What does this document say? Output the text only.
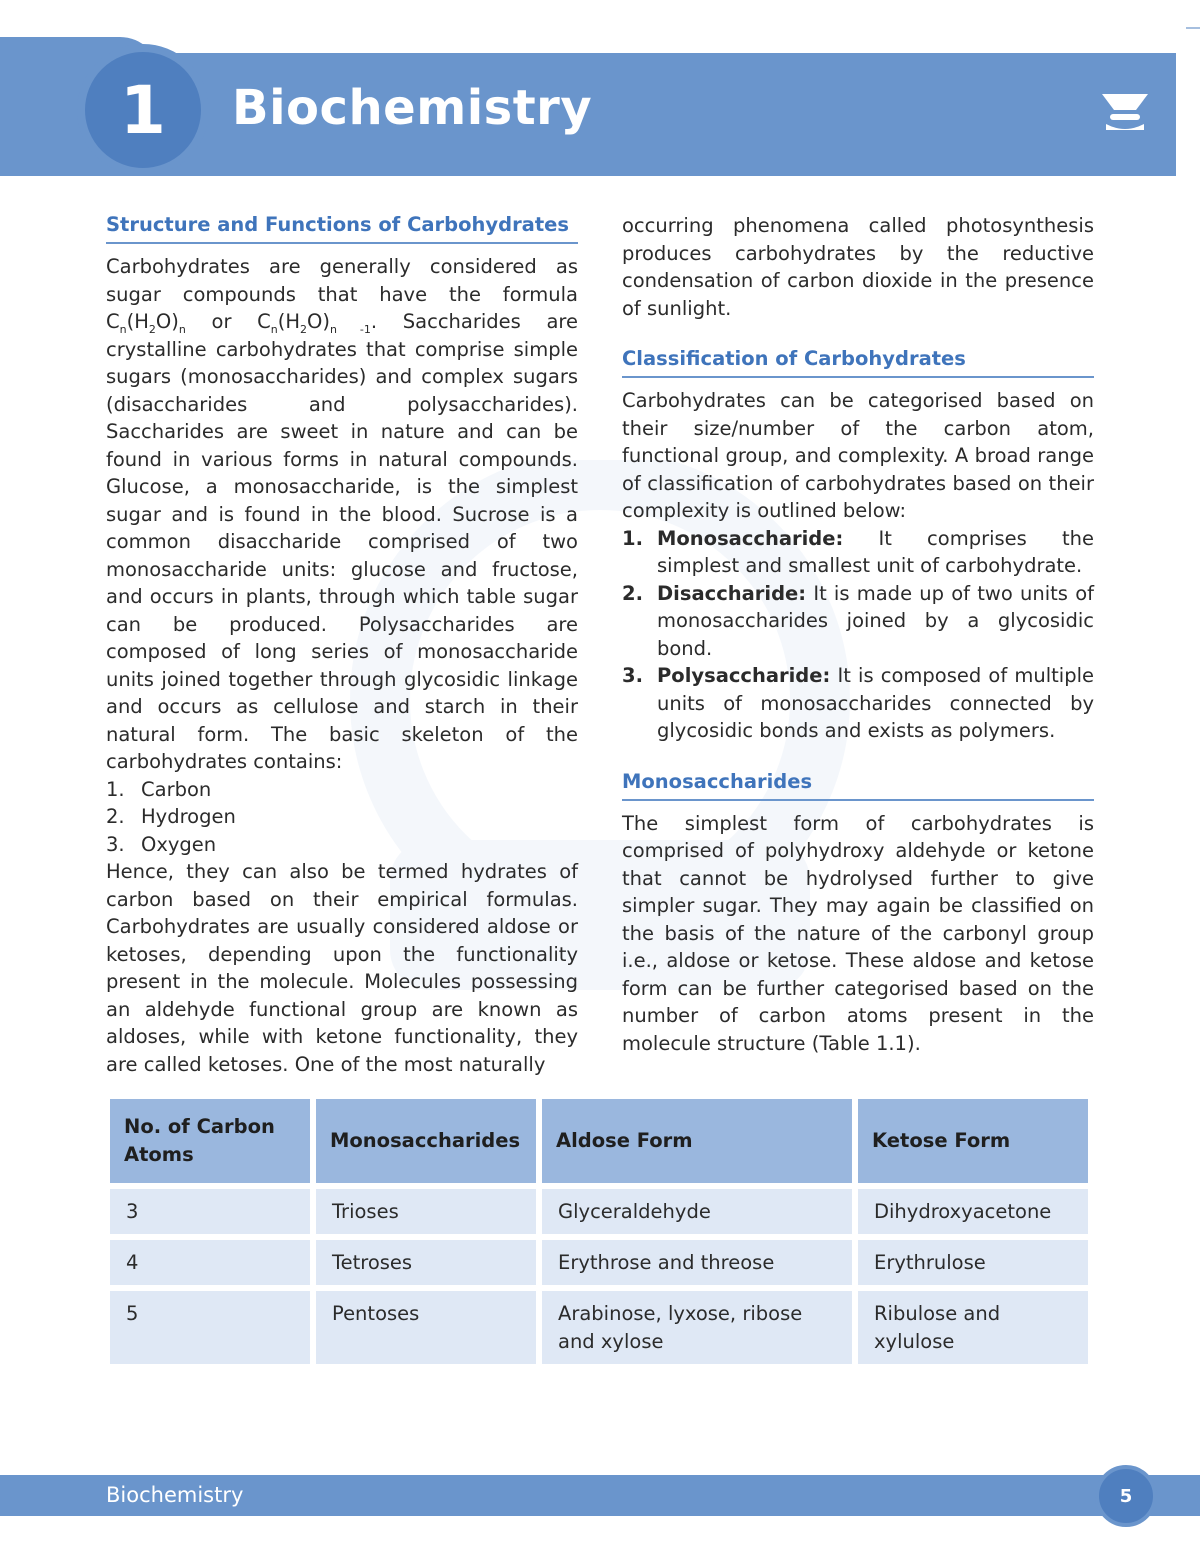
1 Biochemistry
Structure and Functions of Carbohydrates

Carbohydrates are generally considered as sugar compounds that have the formula $C_n(H_2O)_n$ or $C_n(H_2O)_{n -1}$. Saccharides are crystalline carbohydrates that comprise simple sugars (monosaccharides) and complex sugars (disaccharides and polysaccharides). Saccharides are sweet in nature and can be found in various forms in natural compounds. Glucose, a monosaccharide, is the simplest sugar and is found in the blood. Sucrose is a common disaccharide comprised of two monosaccharide units: glucose and fructose, and occurs in plants, through which table sugar can be produced. Polysaccharides are composed of long series of monosaccharide units joined together through glycosidic linkage and occurs as cellulose and starch in their natural form. The basic skeleton of the carbohydrates contains:

1. Carbon
2. Hydrogen
3. Oxygen

Hence, they can also be termed hydrates of carbon based on their empirical formulas. Carbohydrates are usually considered aldose or ketoses, depending upon the functionality present in the molecule. Molecules possessing an aldehyde functional group are known as aldoses, while with ketone functionality, they are called ketoses. One of the most naturally

occurring phenomena called photosynthesis produces carbohydrates by the reductive condensation of carbon dioxide in the presence of sunlight.

Classification of Carbohydrates

Carbohydrates can be categorised based on their size/number of the carbon atom, functional group, and complexity. A broad range of classification of carbohydrates based on their complexity is outlined below:

1. Monosaccharide: It comprises the simplest and smallest unit of carbohydrate.
2. Disaccharide: It is made up of two units of monosaccharides joined by a glycosidic bond.
3. Polysaccharide: It is composed of multiple units of monosaccharides connected by glycosidic bonds and exists as polymers.
Monosaccharides

The simplest form of carbohydrates is comprised of polyhydroxy aldehyde or ketone that cannot be hydrolysed further to give simpler sugar. They may again be classified on the basis of the nature of the carbonyl group i.e., aldose or ketose. These aldose and ketose form can be further categorised based on the number of carbon atoms present in the molecule structure (Table 1.1).

No. of Carbon Atoms	Monosaccharides	Aldose Form	Ketose Form
3	Trioses	Glyceraldehyde	Dihydroxyacetone
4	Tetroses	Erythrose and threose	Erythrulose
5	Pentoses	Arabinose, lyxose, ribose and xylose	Ribulose and xylulose
Biochemistry	5
